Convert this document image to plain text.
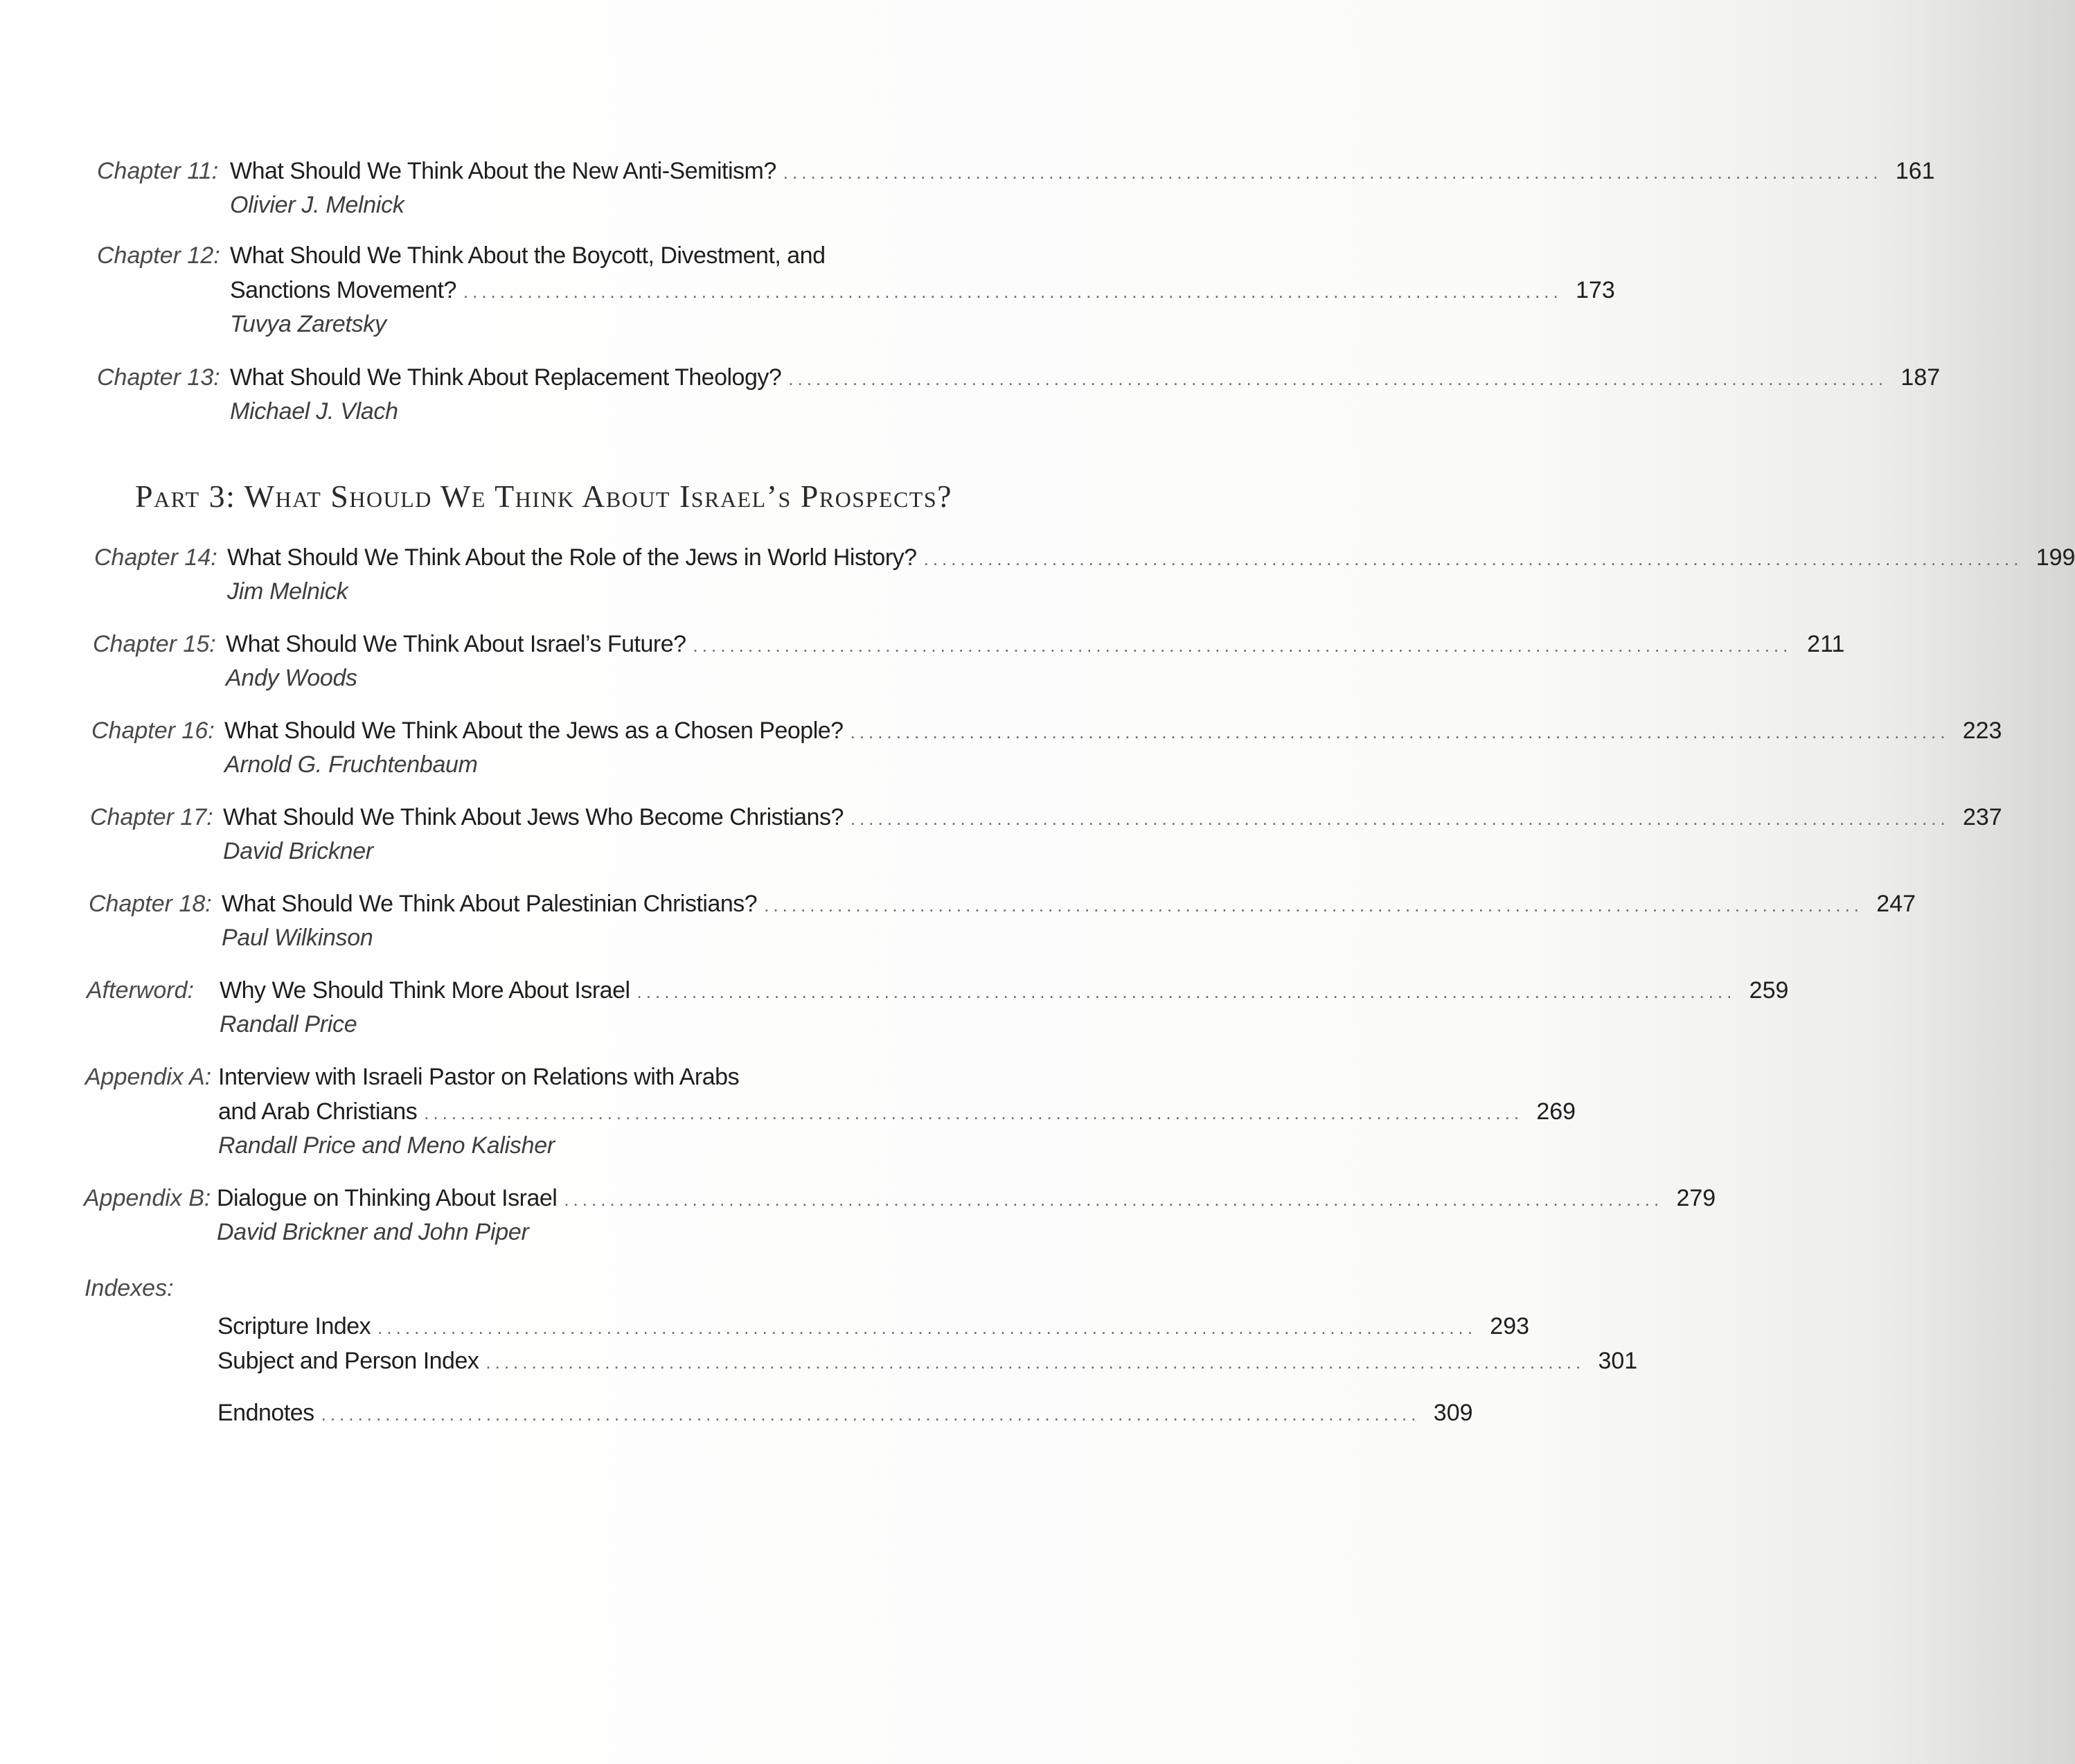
Part 3: What Should We Think About Israel’s Prospects?
Chapter 11: What Should We Think About the New Anti-Semitism? ........................................................................................................................ 161
Olivier J. Melnick
Chapter 12: What Should We Think About the Boycott, Divestment, and
Sanctions Movement? ........................................................................................................................ 173
Tuvya Zaretsky
Chapter 13: What Should We Think About Replacement Theology? ........................................................................................................................ 187
Michael J. Vlach
Chapter 14: What Should We Think About the Role of the Jews in World History? ........................................................................................................................ 199
Jim Melnick
Chapter 15: What Should We Think About Israel’s Future? ........................................................................................................................ 211
Andy Woods
Chapter 16: What Should We Think About the Jews as a Chosen People? ........................................................................................................................ 223
Arnold G. Fruchtenbaum
Chapter 17: What Should We Think About Jews Who Become Christians? ........................................................................................................................ 237
David Brickner
Chapter 18: What Should We Think About Palestinian Christians? ........................................................................................................................ 247
Paul Wilkinson
Afterword:	Why We Should Think More About Israel ........................................................................................................................ 259
Randall Price
Appendix A: Interview with Israeli Pastor on Relations with Arabs
and Arab Christians ........................................................................................................................ 269
Randall Price and Meno Kalisher
Appendix B: Dialogue on Thinking About Israel ........................................................................................................................ 279
David Brickner and John Piper
Indexes:
Scripture Index ........................................................................................................................ 293
Subject and Person Index ........................................................................................................................ 301
Endnotes ........................................................................................................................ 309
